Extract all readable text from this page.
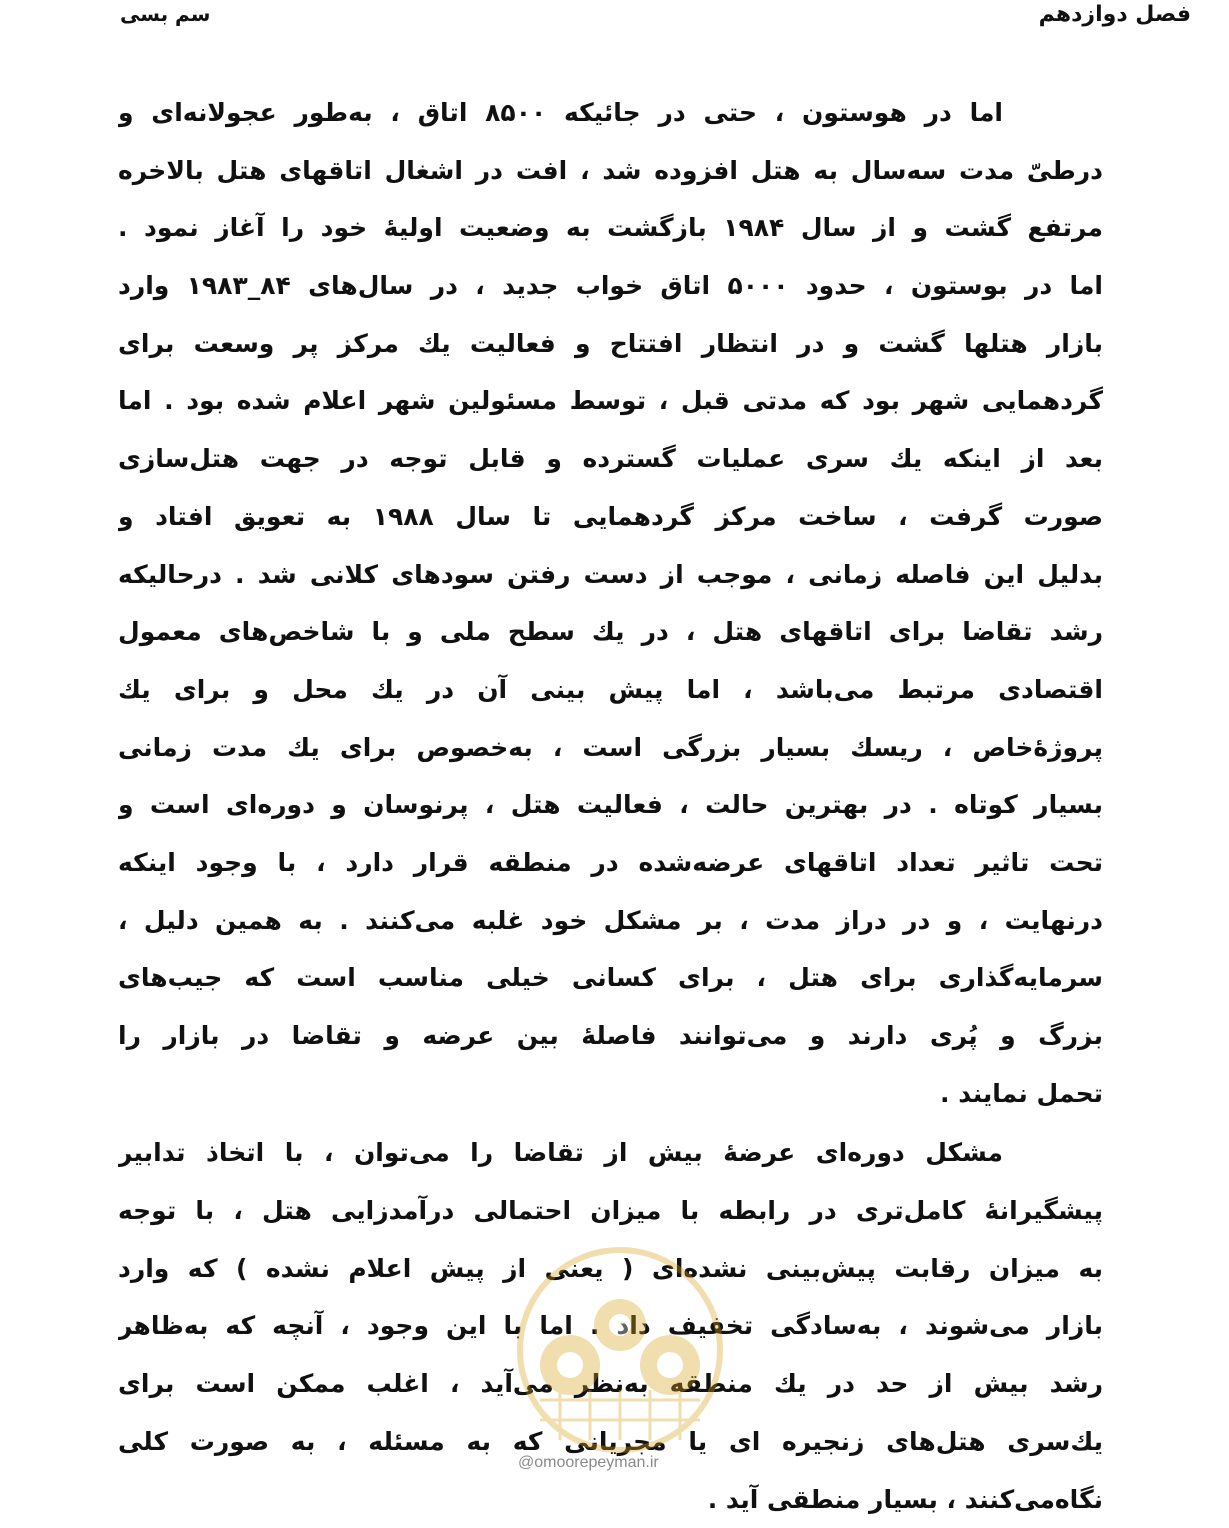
فصل دوازدهم
سم بسی

اما در هوستون ، حتی در جائیکه ۸۵۰۰ اتاق ، به‌طور عجولانه‌ای و
درطیّ مدت سه‌سال به هتل افزوده شد ، افت در اشغال اتاقهای هتل بالاخره
مرتفع گشت و از سال ۱۹۸۴ بازگشت به وضعیت اولیهٔ خود را آغاز نمود .
اما در بوستون ، حدود ۵۰۰۰ اتاق خواب جدید ، در سال‌های ۸۴_۱۹۸۳ وارد
بازار هتلها گشت و در انتظار افتتاح و فعالیت یك مرکز پر وسعت برای
گردهمایی شهر بود که مدتی قبل ، توسط مسئولین شهر اعلام شده بود . اما
بعد از اینکه یك سری عملیات گسترده و قابل توجه در جهت هتل‌سازی
صورت گرفت ، ساخت مرکز گردهمایی تا سال ۱۹۸۸ به تعویق افتاد و
بدلیل این فاصله زمانی ، موجب از دست رفتن سودهای کلانی شد . درحالیکه
رشد تقاضا برای اتاقهای هتل ، در یك سطح ملی و با شاخص‌های معمول
اقتصادی مرتبط می‌باشد ، اما پیش بینی آن در یك محل و برای یك
پروژهٔ‌خاص ، ریسك بسیار بزرگی است ، به‌خصوص برای یك مدت زمانی
بسیار کوتاه . در بهترین حالت ، فعالیت هتل ، پرنوسان و دوره‌ای است و
تحت تاثیر تعداد اتاقهای عرضه‌شده در منطقه قرار دارد ، با وجود اینکه
درنهایت ، و در دراز مدت ، بر مشکل خود غلبه می‌کنند . به همین دلیل ،
سرمایه‌گذاری برای هتل ، برای کسانی خیلی مناسب است که جیب‌های
بزرگ و پُری دارند و می‌توانند فاصلهٔ بین عرضه و تقاضا در بازار را
تحمل نمایند .

مشکل دوره‌ای عرضهٔ بیش از تقاضا را می‌توان ، با اتخاذ تدابیر
پیشگیرانهٔ کامل‌تری در رابطه با میزان احتمالی درآمدزایی هتل ، با توجه
به میزان رقابت پیش‌بینی نشده‌ای ( یعنی از پیش اعلام نشده ) که وارد
بازار می‌شوند ، به‌سادگی تخفیف داد . اما با این وجود ، آنچه که به‌ظاهر
رشد بیش از حد در یك منطقه به‌نظر می‌آید ، اغلب ممکن است برای
یك‌سری هتل‌های زنجیره ای یا مجریانی که به مسئله ، به صورت کلی
نگاه‌می‌کنند ، بسیار منطقی آید .

@omoorepeyman.ir
